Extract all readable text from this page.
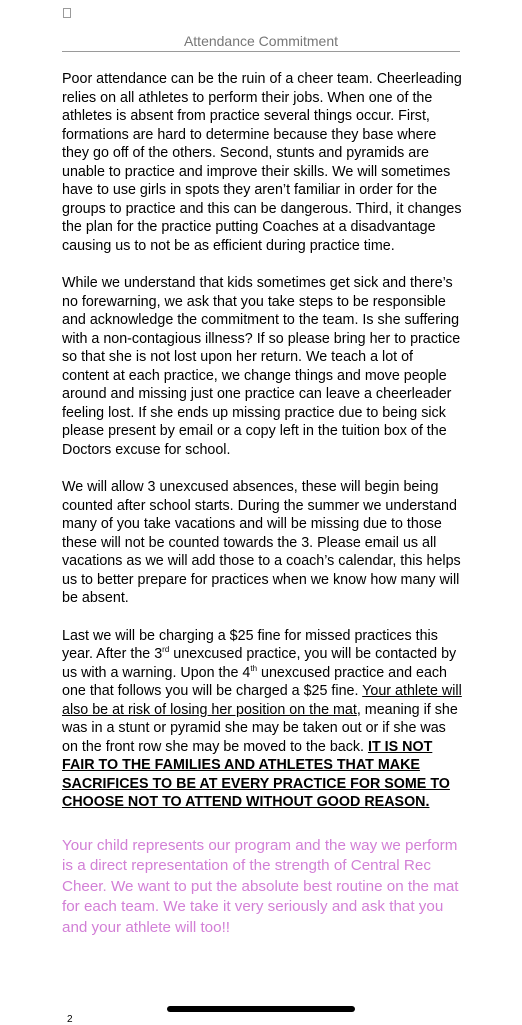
Attendance Commitment

Poor attendance can be the ruin of a cheer team. Cheerleading relies on all athletes to perform their jobs. When one of the athletes is absent from practice several things occur. First, formations are hard to determine because they base where they go off of the others. Second, stunts and pyramids are unable to practice and improve their skills. We will sometimes have to use girls in spots they aren’t familiar in order for the groups to practice and this can be dangerous. Third, it changes the plan for the practice putting Coaches at a disadvantage causing us to not be as efficient during practice time.

While we understand that kids sometimes get sick and there’s no forewarning, we ask that you take steps to be responsible and acknowledge the commitment to the team. Is she suffering with a non-contagious illness? If so please bring her to practice so that she is not lost upon her return. We teach a lot of content at each practice, we change things and move people around and missing just one practice can leave a cheerleader feeling lost. If she ends up missing practice due to being sick please present by email or a copy left in the tuition box of the Doctors excuse for school.

We will allow 3 unexcused absences, these will begin being counted after school starts. During the summer we understand many of you take vacations and will be missing due to those these will not be counted towards the 3. Please email us all vacations as we will add those to a coach’s calendar, this helps us to better prepare for practices when we know how many will be absent.

Last we will be charging a $25 fine for missed practices this year. After the 3rd unexcused practice, you will be contacted by us with a warning. Upon the 4th unexcused practice and each one that follows you will be charged a $25 fine. Your athlete will also be at risk of losing her position on the mat, meaning if she was in a stunt or pyramid she may be taken out or if she was on the front row she may be moved to the back. IT IS NOT FAIR TO THE FAMILIES AND ATHLETES THAT MAKE SACRIFICES TO BE AT EVERY PRACTICE FOR SOME TO CHOOSE NOT TO ATTEND WITHOUT GOOD REASON.

Your child represents our program and the way we perform is a direct representation of the strength of Central Rec Cheer. We want to put the absolute best routine on the mat for each team. We take it very seriously and ask that you and your athlete will too!!

2
